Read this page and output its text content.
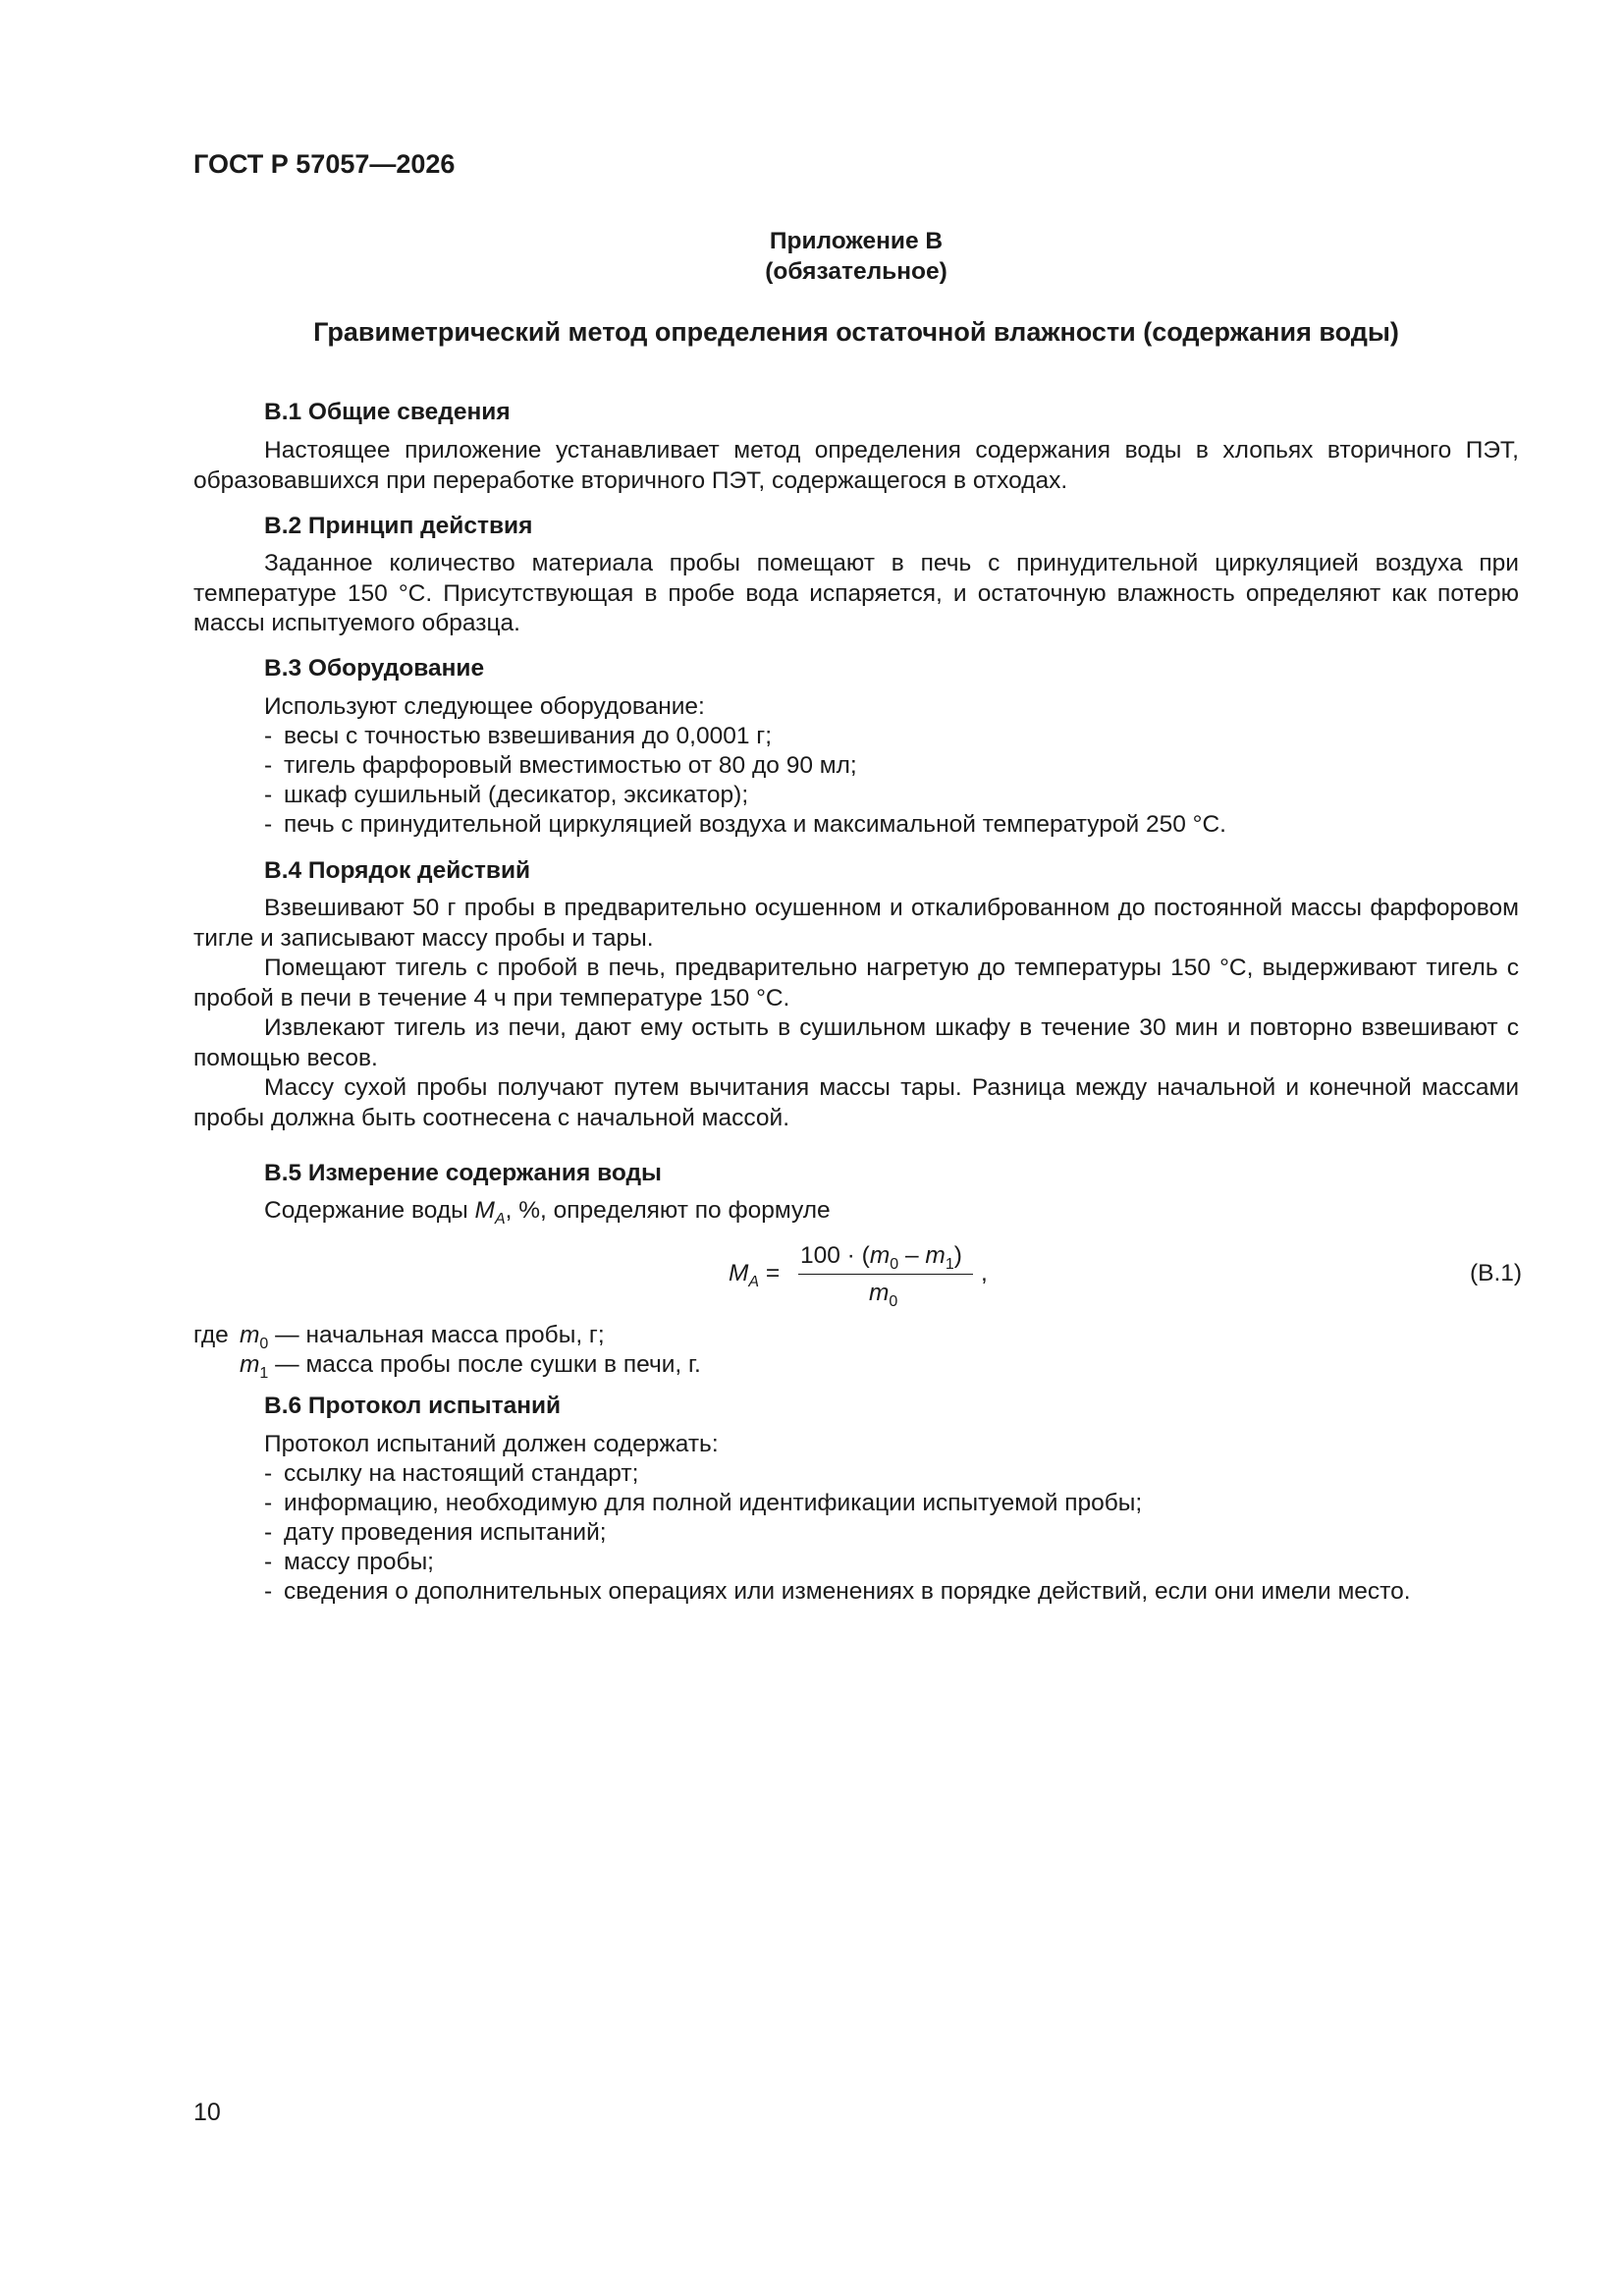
ГОСТ Р 57057—2026
Приложение В
(обязательное)
Гравиметрический метод определения остаточной влажности (содержания воды)
В.1 Общие сведения
Настоящее приложение устанавливает метод определения содержания воды в хлопьях вторичного ПЭТ, образовавшихся при переработке вторичного ПЭТ, содержащегося в отходах.
В.2 Принцип действия
Заданное количество материала пробы помещают в печь с принудительной циркуляцией воздуха при температуре 150 °С. Присутствующая в пробе вода испаряется, и остаточную влажность определяют как потерю массы испытуемого образца.
В.3 Оборудование
Используют следующее оборудование:
- весы с точностью взвешивания до 0,0001 г;
- тигель фарфоровый вместимостью от 80 до 90 мл;
- шкаф сушильный (десикатор, эксикатор);
- печь с принудительной циркуляцией воздуха и максимальной температурой 250 °С.
В.4 Порядок действий
Взвешивают 50 г пробы в предварительно осушенном и откалиброванном до постоянной массы фарфоровом тигле и записывают массу пробы и тары.
Помещают тигель с пробой в печь, предварительно нагретую до температуры 150 °С, выдерживают тигель с пробой в печи в течение 4 ч при температуре 150 °С.
Извлекают тигель из печи, дают ему остыть в сушильном шкафу в течение 30 мин и повторно взвешивают с помощью весов.
Массу сухой пробы получают путем вычитания массы тары. Разница между начальной и конечной массами пробы должна быть соотнесена с начальной массой.
В.5 Измерение содержания воды
Содержание воды $M_A$, %, определяют по формуле
$M_A$ =
$100 \cdot (m_0 - m_1)$
$m_0$
,	(В.1)
где $m_0$ — начальная масса пробы, г;
$m_1$ — масса пробы после сушки в печи, г.
В.6 Протокол испытаний
Протокол испытаний должен содержать:
- ссылку на настоящий стандарт;
- информацию, необходимую для полной идентификации испытуемой пробы;
- дату проведения испытаний;
- массу пробы;
- сведения о дополнительных операциях или изменениях в порядке действий, если они имели место.
10
